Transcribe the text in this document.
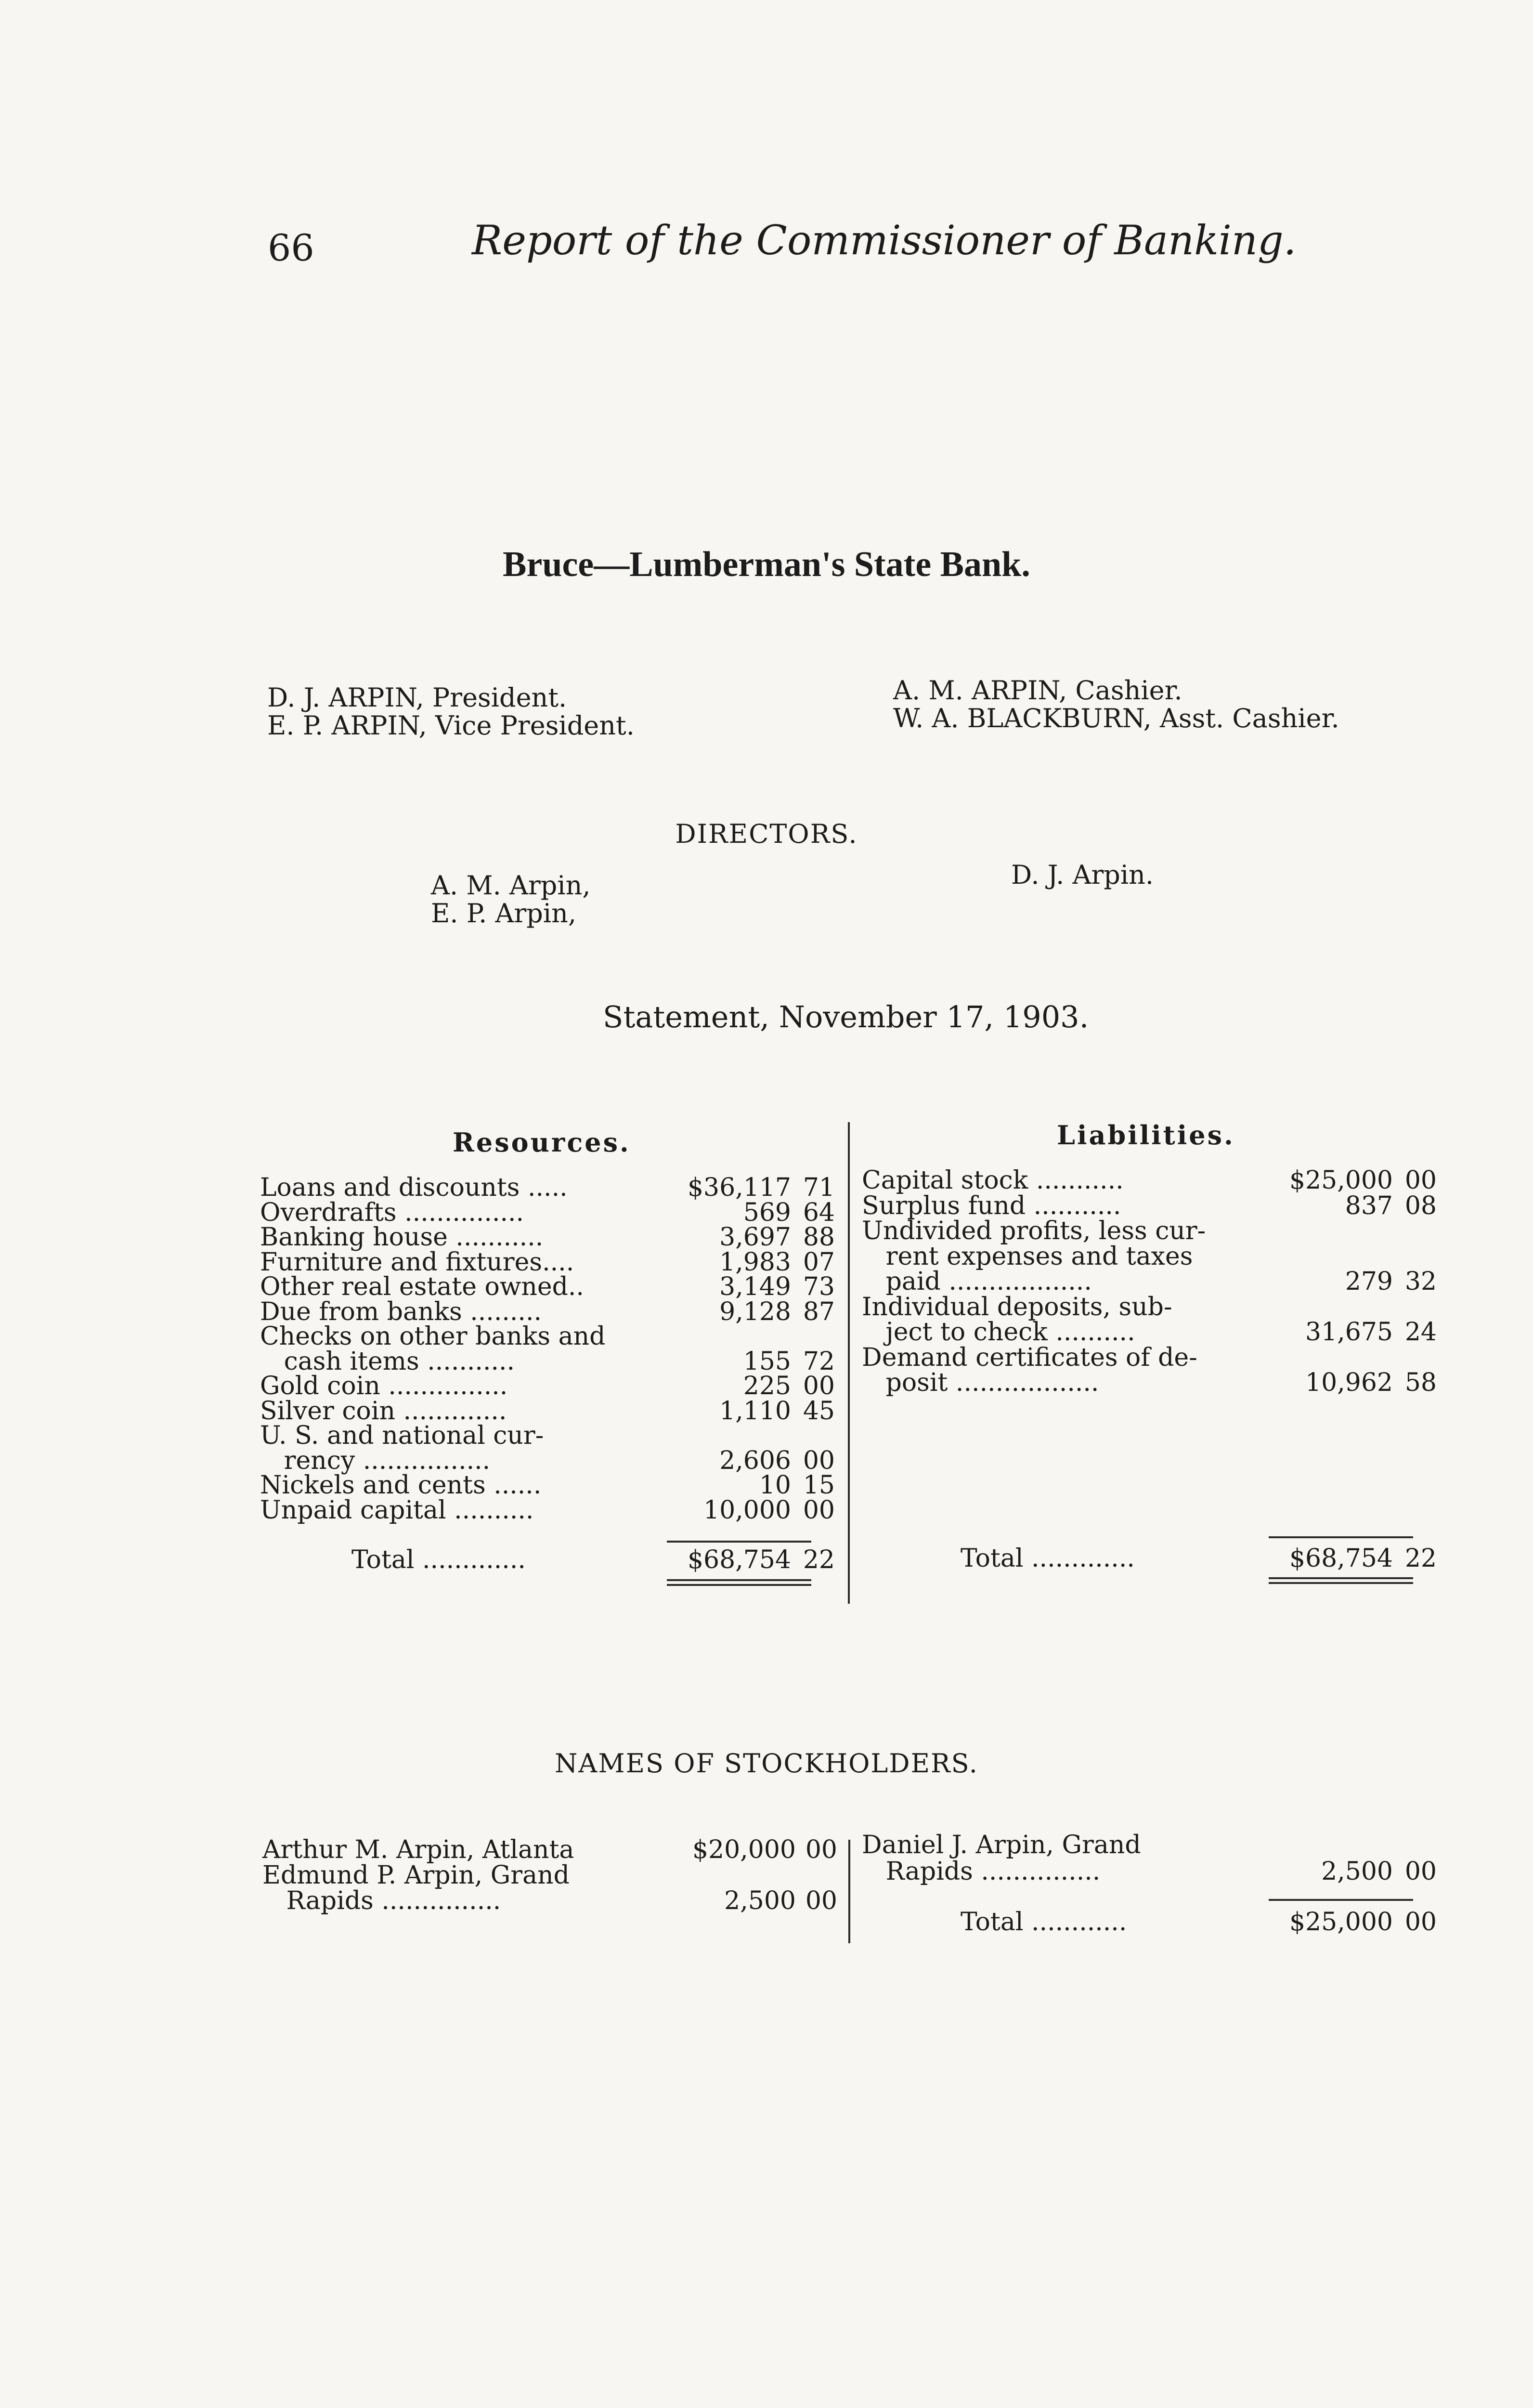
66	Report of the Commissioner of Banking.
Bruce—Lumberman's State Bank.
D. J. ARPIN, President.
E. P. ARPIN, Vice President.
A. M. ARPIN, Cashier.
W. A. BLACKBURN, Asst. Cashier.
DIRECTORS.
A. M. Arpin,
E. P. Arpin,
D. J. Arpin.
Statement, November 17, 1903.
Resources.
Loans and discounts .....	$36,117 71
Overdrafts ...............	569 64
Banking house ...........	3,697 88
Furniture and fixtures....	1,983 07
Other real estate owned..	3,149 73
Due from banks .........	9,128 87
Checks on other banks and
cash items ...........	155 72
Gold coin ...............	225 00
Silver coin .............	1,110 45
U. S. and national cur-
rency ................	2,606 00
Nickels and cents ......	10 15
Unpaid capital ..........	10,000 00
Total .............	$68,754 22
Liabilities.
Capital stock ...........	$25,000 00
Surplus fund ...........	837 08
Undivided profits, less cur-
rent expenses and taxes
paid ..................	279 32
Individual deposits, sub-
ject to check ..........	31,675 24
Demand certificates of de-
posit ..................	10,962 58
Total .............	$68,754 22
NAMES OF STOCKHOLDERS.
Arthur M. Arpin, Atlanta	$20,000 00
Edmund P. Arpin, Grand
Rapids ...............	2,500 00
Daniel J. Arpin, Grand
Rapids ...............	2,500 00
Total ............	$25,000 00
